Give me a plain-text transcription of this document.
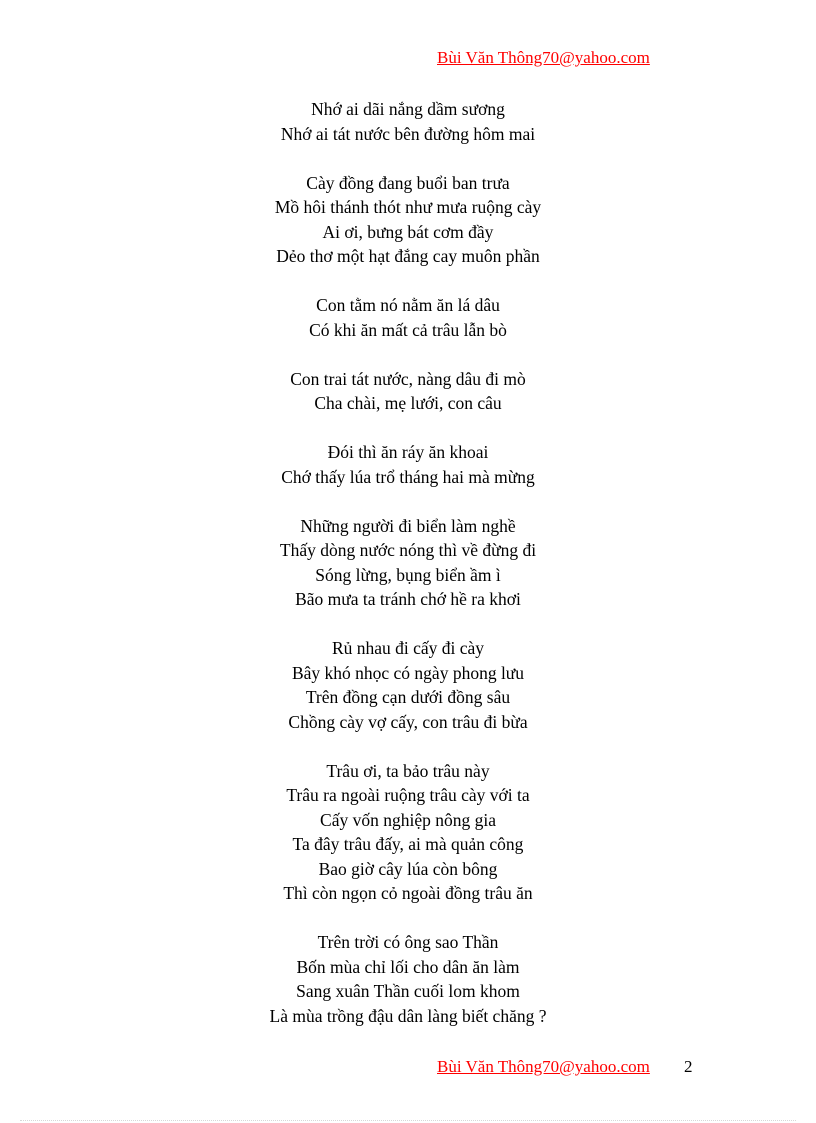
Bùi Văn Thông70@yahoo.com
Nhớ ai dãi nắng dầm sương
Nhớ ai tát nước bên đường hôm mai
Cày đồng đang buổi ban trưa
Mồ hôi thánh thót như mưa ruộng cày
Ai ơi, bưng bát cơm đầy
Dẻo thơ một hạt đắng cay muôn phần
Con tằm nó nằm ăn lá dâu
Có khi ăn mất cả trâu lẫn bò
Con trai tát nước, nàng dâu đi mò
Cha chài, mẹ lưới, con câu
Đói thì ăn ráy ăn khoai
Chớ thấy lúa trổ tháng hai mà mừng
Những người đi biển làm nghề
Thấy dòng nước nóng thì về đừng đi
Sóng lừng, bụng biển ầm ì
Bão mưa ta tránh chớ hề ra khơi
Rủ nhau đi cấy đi cày
Bây khó nhọc có ngày phong lưu
Trên đồng cạn dưới đồng sâu
Chồng cày vợ cấy, con trâu đi bừa
Trâu ơi, ta bảo trâu này
Trâu ra ngoài ruộng trâu cày với ta
Cấy vốn nghiệp nông gia
Ta đây trâu đấy, ai mà quản công
Bao giờ cây lúa còn bông
Thì còn ngọn cỏ ngoài đồng trâu ăn
Trên trời có ông sao Thần
Bốn mùa chỉ lối cho dân ăn làm
Sang xuân Thần cuối lom khom
Là mùa trồng đậu dân làng biết chăng ?
Bùi Văn Thông70@yahoo.com 2
